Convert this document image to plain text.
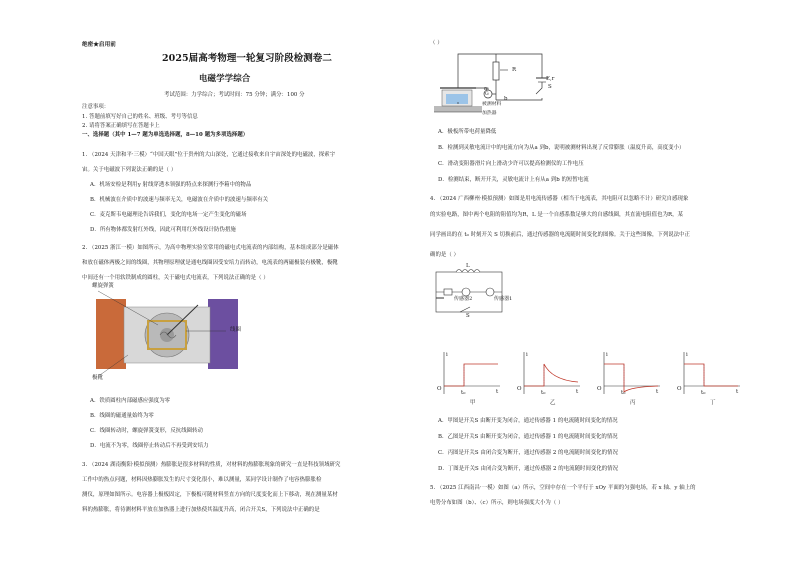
绝密★启用前
2025届高考物理一轮复习阶段检测卷二
电磁学学综合
考试范围：力学综合；考试时间：75 分钟；满分：100 分
注意事项：
1. 答题前填写好自己的姓名、班级、考号等信息
2. 请将答案正确填写在答题卡上
一、选择题（其中 1—7 题为单选选择题，8—10 题为多项选择题）
1. （2024 天津和平·三模）“中国天眼”位于贵州的大山深处，它通过接收来自宇宙深处的电磁波，探索宇
宙。关于电磁波下列说法正确的是（ ）
A．机场安检是利用γ 射线穿透本领强的特点来探测行李箱中的物品
B．机械波在介质中的波速与频率无关，电磁波在介质中的波速与频率有关
C．麦克斯韦电磁理论告诉我们，变化的电场一定产生变化的磁场
D．所有物体都发射红外线，因此可利用红外线设计防伪措施
2. （2025 浙江一模）如图所示，为高中物理实验室常用的磁电式电流表的内部结构，基本组成部分是磁体
和放在磁体两极之间的线圈，其物理原理就是通电线圈因受安培力而转动，电流表的两磁极装有极靴，极靴
中间还有一个用软铁制成的圆柱，关于磁电式电流表，下列说法正确的是（ ）
螺旋弹簧
线圈
极靴
A．铁质圆柱内部磁感应强度为零
B．线圈的磁通量始终为零
C．线圈转动时，螺旋弹簧变形，反抗线圈转动
D．电流不为零，线圈停止转动后不再受到安培力
3. （2024 湖南衡阳·模拟预测）热膨胀是很多材料的性质，对材料的热膨胀现象的研究一直是科技领域研究
工作中的热点问题，材料因热膨胀发生的尺寸变化很小，难以测量，某同学设计制作了电容热膨胀检
测仪，原理如图所示。电容器上极板固定，下极板可随材料竖直方向的尺度变化而上下移动，现在测量某材
料的热膨胀，将待测材料平放在加热器上进行加热使其温度升高，闭合开关S，下列说法中正确的是
（ ）
R
E,r
S
a
b
G
被测材料
加热器
A．极板所带电荷量降低
B．检测到灵敏电流计中的电流方向为从a 到b，说明被测材料出现了反常膨胀（温度升高，高度变小）
C．滑动变阻器滑片向上滑动少许可以提高检测仪的工作电压
D．检测结束，断开开关，灵敏电流计上有从a 到b 的短暂电流
4. （2024 广西柳州·模拟预测）如图是用电流传感器（相当于电流表，其电阻可以忽略不计）研究自感现象
的实验电路，图中两个电阻的阻值均为R，L 是一个自感系数足够大的自感线圈，其直流电阻值也为R，某
同学画出的在 t₀ 时刻开关 S 切换前后，通过传感器的电流随时间变化的图像。关于这些图像，下列说法中正
确的是（ ）
L
传感器2	传感器1
S
i
t
O
t₀
甲
i
t
O
t₀
乙
i
t
O
t₀
丙
i
t
O
t₀
丁
A．甲图是开关S 由断开变为闭合，通过传感器 1 的电流随时间变化的情况
B．乙图是开关S 由断开变为闭合，通过传感器 1 的电流随时间变化的情况
C．丙图是开关S 由闭合变为断开，通过传感器 2 的电流随时间变化的情况
D．丁图是开关S 由闭合变为断开，通过传感器 2 的电流随时间变化的情况
5. （2025 江西南昌·一模）如图（a）所示，空间中存在一个平行于 xOy 平面的匀强电场，若 x 轴、y 轴上的
电势分布如图（b）、（c）所示，则电场强度大小为（ ）
